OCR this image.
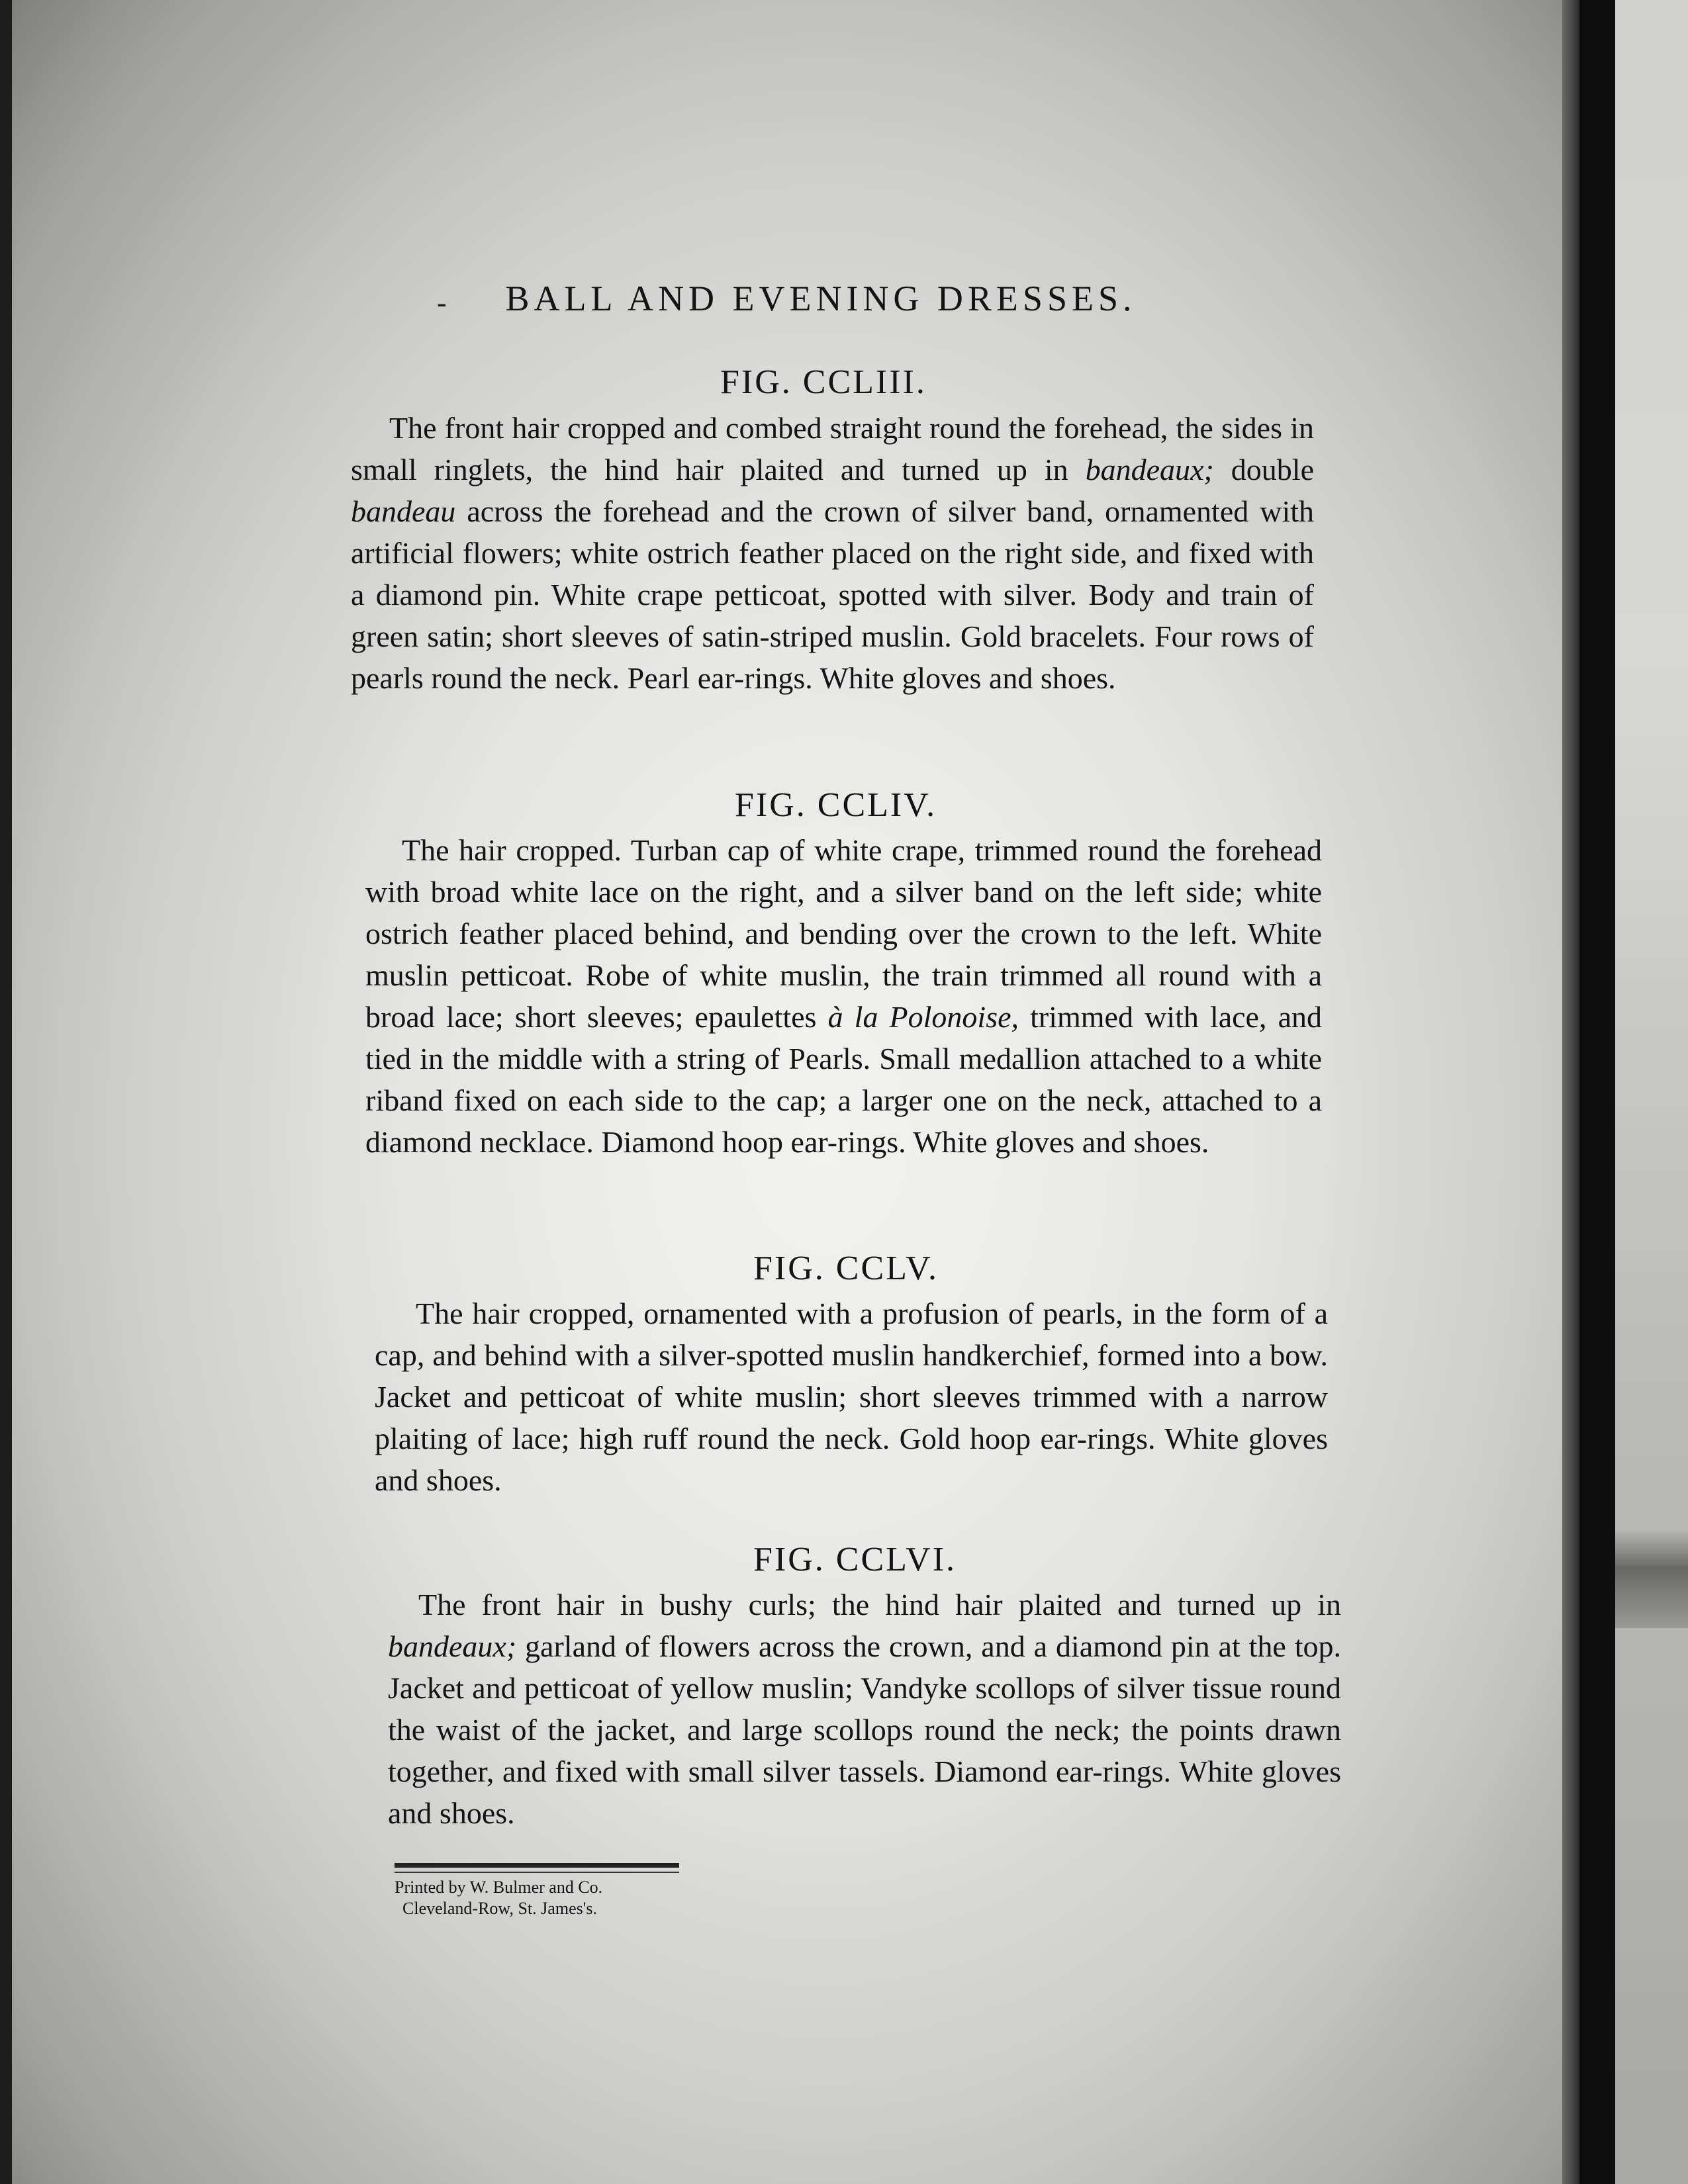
-	BALL AND EVENING DRESSES.
FIG. CCLIII.
The front hair cropped and combed straight round the forehead, the sides in small ringlets, the hind hair plaited and turned up in bandeaux; double bandeau across the forehead and the crown of silver band, ornamented with artificial flowers; white ostrich feather placed on the right side, and fixed with a diamond pin. White crape petticoat, spotted with silver. Body and train of green satin; short sleeves of satin-striped muslin. Gold bracelets. Four rows of pearls round the neck. Pearl ear-rings. White gloves and shoes.
FIG. CCLIV.
The hair cropped. Turban cap of white crape, trimmed round the forehead with broad white lace on the right, and a silver band on the left side; white ostrich feather placed behind, and bending over the crown to the left. White muslin petticoat. Robe of white muslin, the train trimmed all round with a broad lace; short sleeves; epaulettes à la Polonoise, trimmed with lace, and tied in the middle with a string of Pearls. Small medallion attached to a white riband fixed on each side to the cap; a larger one on the neck, attached to a diamond necklace. Diamond hoop ear-rings. White gloves and shoes.
FIG. CCLV.
The hair cropped, ornamented with a profusion of pearls, in the form of a cap, and behind with a silver-spotted muslin handkerchief, formed into a bow. Jacket and petticoat of white muslin; short sleeves trimmed with a narrow plaiting of lace; high ruff round the neck. Gold hoop ear-rings. White gloves and shoes.
FIG. CCLVI.
The front hair in bushy curls; the hind hair plaited and turned up in bandeaux; garland of flowers across the crown, and a diamond pin at the top. Jacket and petticoat of yellow muslin; Vandyke scollops of silver tissue round the waist of the jacket, and large scollops round the neck; the points drawn together, and fixed with small silver tassels. Diamond ear-rings. White gloves and shoes.
Printed by W. Bulmer and Co.
Cleveland-Row, St. James's.
